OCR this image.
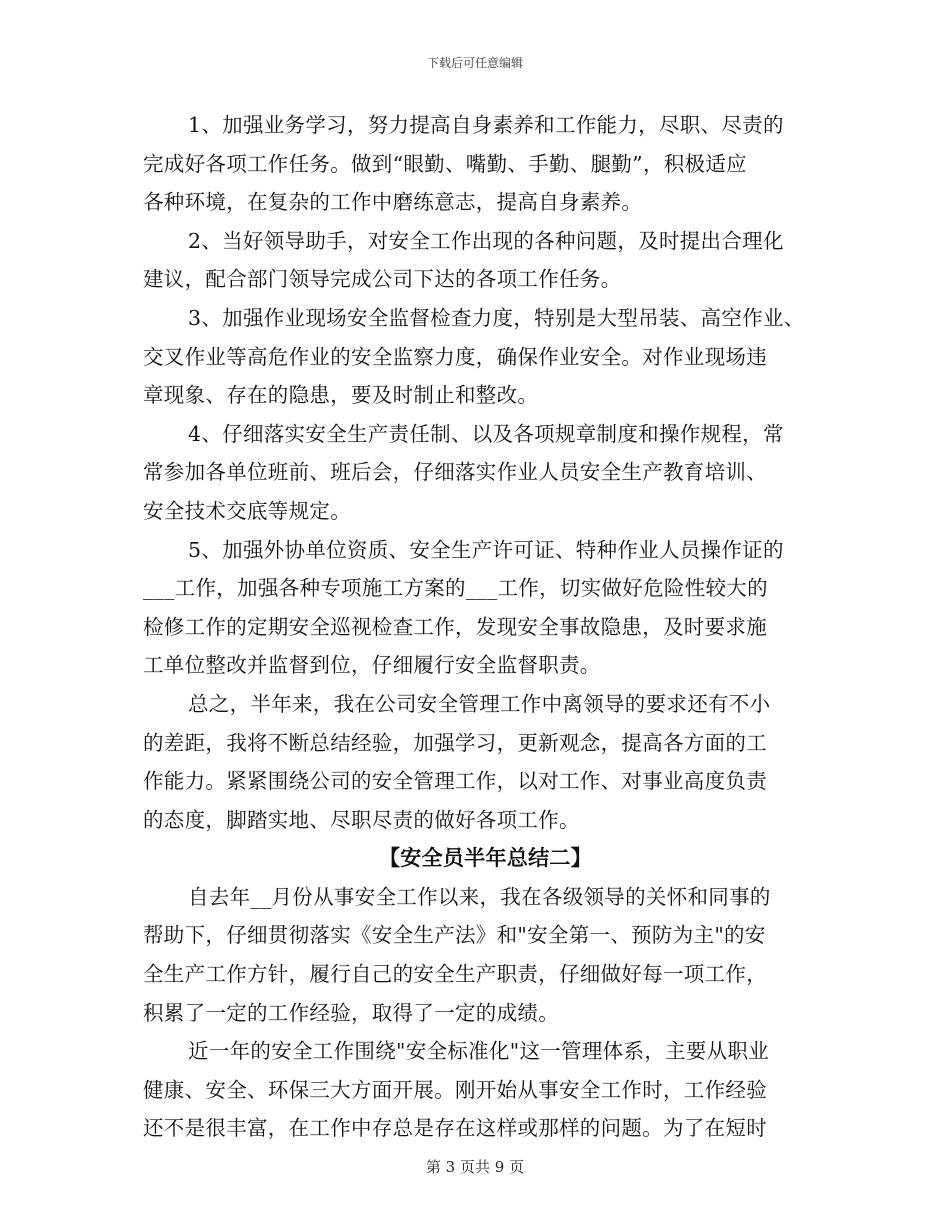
下载后可任意编辑
1、加强业务学习，努力提高自身素养和工作能力，尽职、尽责的
完成好各项工作任务。做到“眼勤、嘴勤、手勤、腿勤”，积极适应
各种环境，在复杂的工作中磨练意志，提高自身素养。
2、当好领导助手，对安全工作出现的各种问题，及时提出合理化
建议，配合部门领导完成公司下达的各项工作任务。
3、加强作业现场安全监督检查力度，特别是大型吊装、高空作业、
交叉作业等高危作业的安全监察力度，确保作业安全。对作业现场违
章现象、存在的隐患，要及时制止和整改。
4、仔细落实安全生产责任制、以及各项规章制度和操作规程，常
常参加各单位班前、班后会，仔细落实作业人员安全生产教育培训、
安全技术交底等规定。
5、加强外协单位资质、安全生产许可证、特种作业人员操作证的
___工作，加强各种专项施工方案的___工作，切实做好危险性较大的
检修工作的定期安全巡视检查工作，发现安全事故隐患，及时要求施
工单位整改并监督到位，仔细履行安全监督职责。
总之，半年来，我在公司安全管理工作中离领导的要求还有不小
的差距，我将不断总结经验，加强学习，更新观念，提高各方面的工
作能力。紧紧围绕公司的安全管理工作，以对工作、对事业高度负责
的态度，脚踏实地、尽职尽责的做好各项工作。
【安全员半年总结二】
自去年__月份从事安全工作以来，我在各级领导的关怀和同事的
帮助下，仔细贯彻落实《安全生产法》和"安全第一、预防为主"的安
全生产工作方针，履行自己的安全生产职责，仔细做好每一项工作，
积累了一定的工作经验，取得了一定的成绩。
近一年的安全工作围绕"安全标准化"这一管理体系，主要从职业
健康、安全、环保三大方面开展。刚开始从事安全工作时，工作经验
还不是很丰富，在工作中存总是存在这样或那样的问题。为了在短时
第 3 页共 9 页
